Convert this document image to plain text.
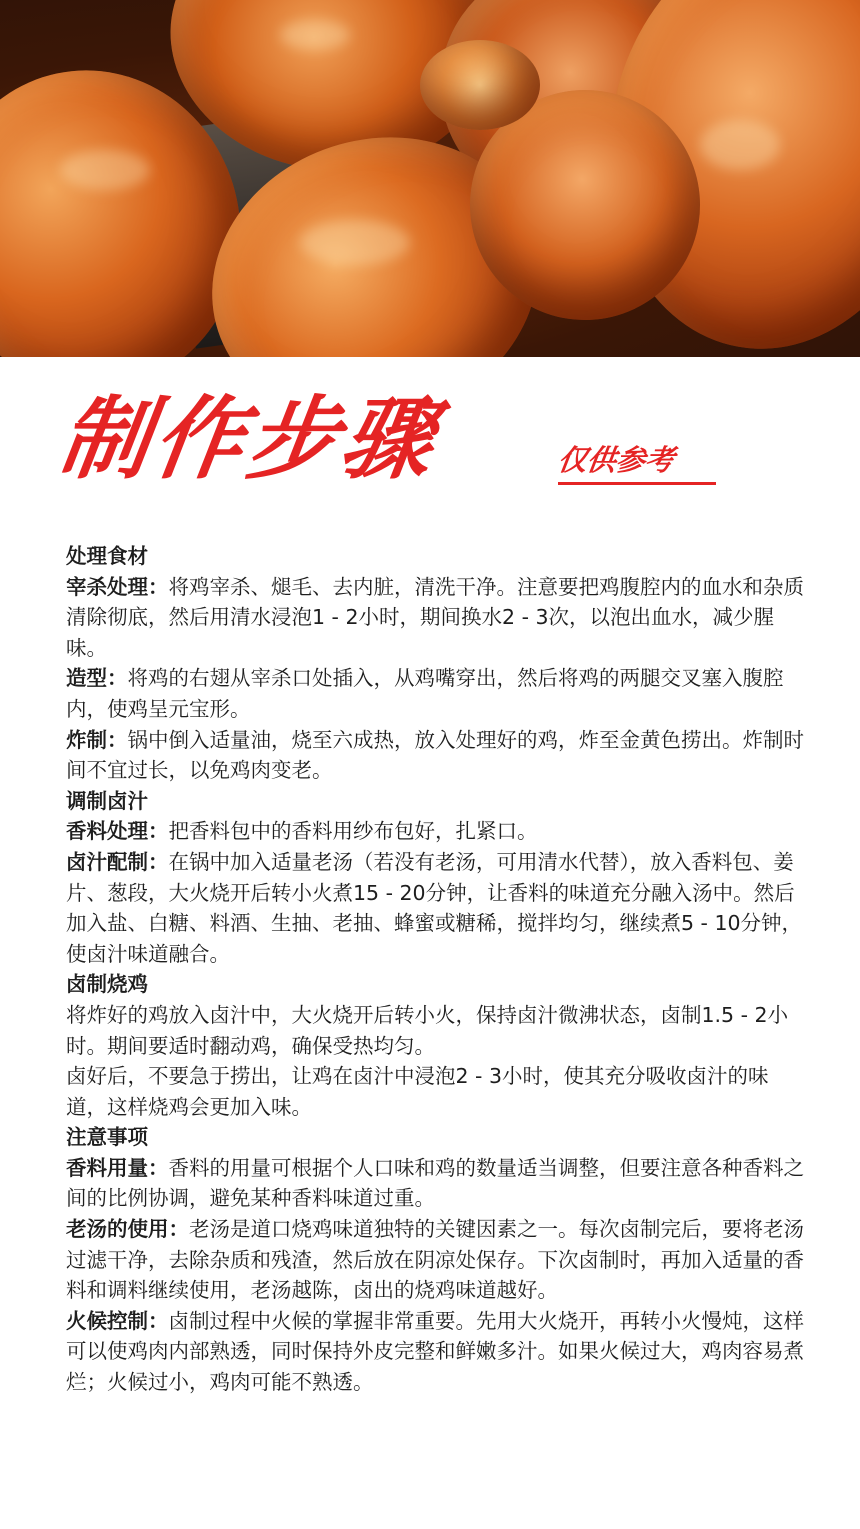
制作步骤	仅供参考

处理食材

宰杀处理：将鸡宰杀、煺毛、去内脏，清洗干净。注意要把鸡腹腔内的血水和杂质清除彻底，然后用清水浸泡1 - 2小时，期间换水2 - 3次，以泡出血水，减少腥味。

造型：将鸡的右翅从宰杀口处插入，从鸡嘴穿出，然后将鸡的两腿交叉塞入腹腔内，使鸡呈元宝形。

炸制：锅中倒入适量油，烧至六成热，放入处理好的鸡，炸至金黄色捞出。炸制时间不宜过长，以免鸡肉变老。

调制卤汁

香料处理：把香料包中的香料用纱布包好，扎紧口。

卤汁配制：在锅中加入适量老汤（若没有老汤，可用清水代替），放入香料包、姜片、葱段，大火烧开后转小火煮15 - 20分钟，让香料的味道充分融入汤中。然后加入盐、白糖、料酒、生抽、老抽、蜂蜜或糖稀，搅拌均匀，继续煮5 - 10分钟，使卤汁味道融合。

卤制烧鸡

将炸好的鸡放入卤汁中，大火烧开后转小火，保持卤汁微沸状态，卤制1.5 - 2小时。期间要适时翻动鸡，确保受热均匀。

卤好后，不要急于捞出，让鸡在卤汁中浸泡2 - 3小时，使其充分吸收卤汁的味道，这样烧鸡会更加入味。

注意事项

香料用量：香料的用量可根据个人口味和鸡的数量适当调整，但要注意各种香料之间的比例协调，避免某种香料味道过重。

老汤的使用：老汤是道口烧鸡味道独特的关键因素之一。每次卤制完后，要将老汤过滤干净，去除杂质和残渣，然后放在阴凉处保存。下次卤制时，再加入适量的香料和调料继续使用，老汤越陈，卤出的烧鸡味道越好。

火候控制：卤制过程中火候的掌握非常重要。先用大火烧开，再转小火慢炖，这样可以使鸡肉内部熟透，同时保持外皮完整和鲜嫩多汁。如果火候过大，鸡肉容易煮烂；火候过小，鸡肉可能不熟透。
